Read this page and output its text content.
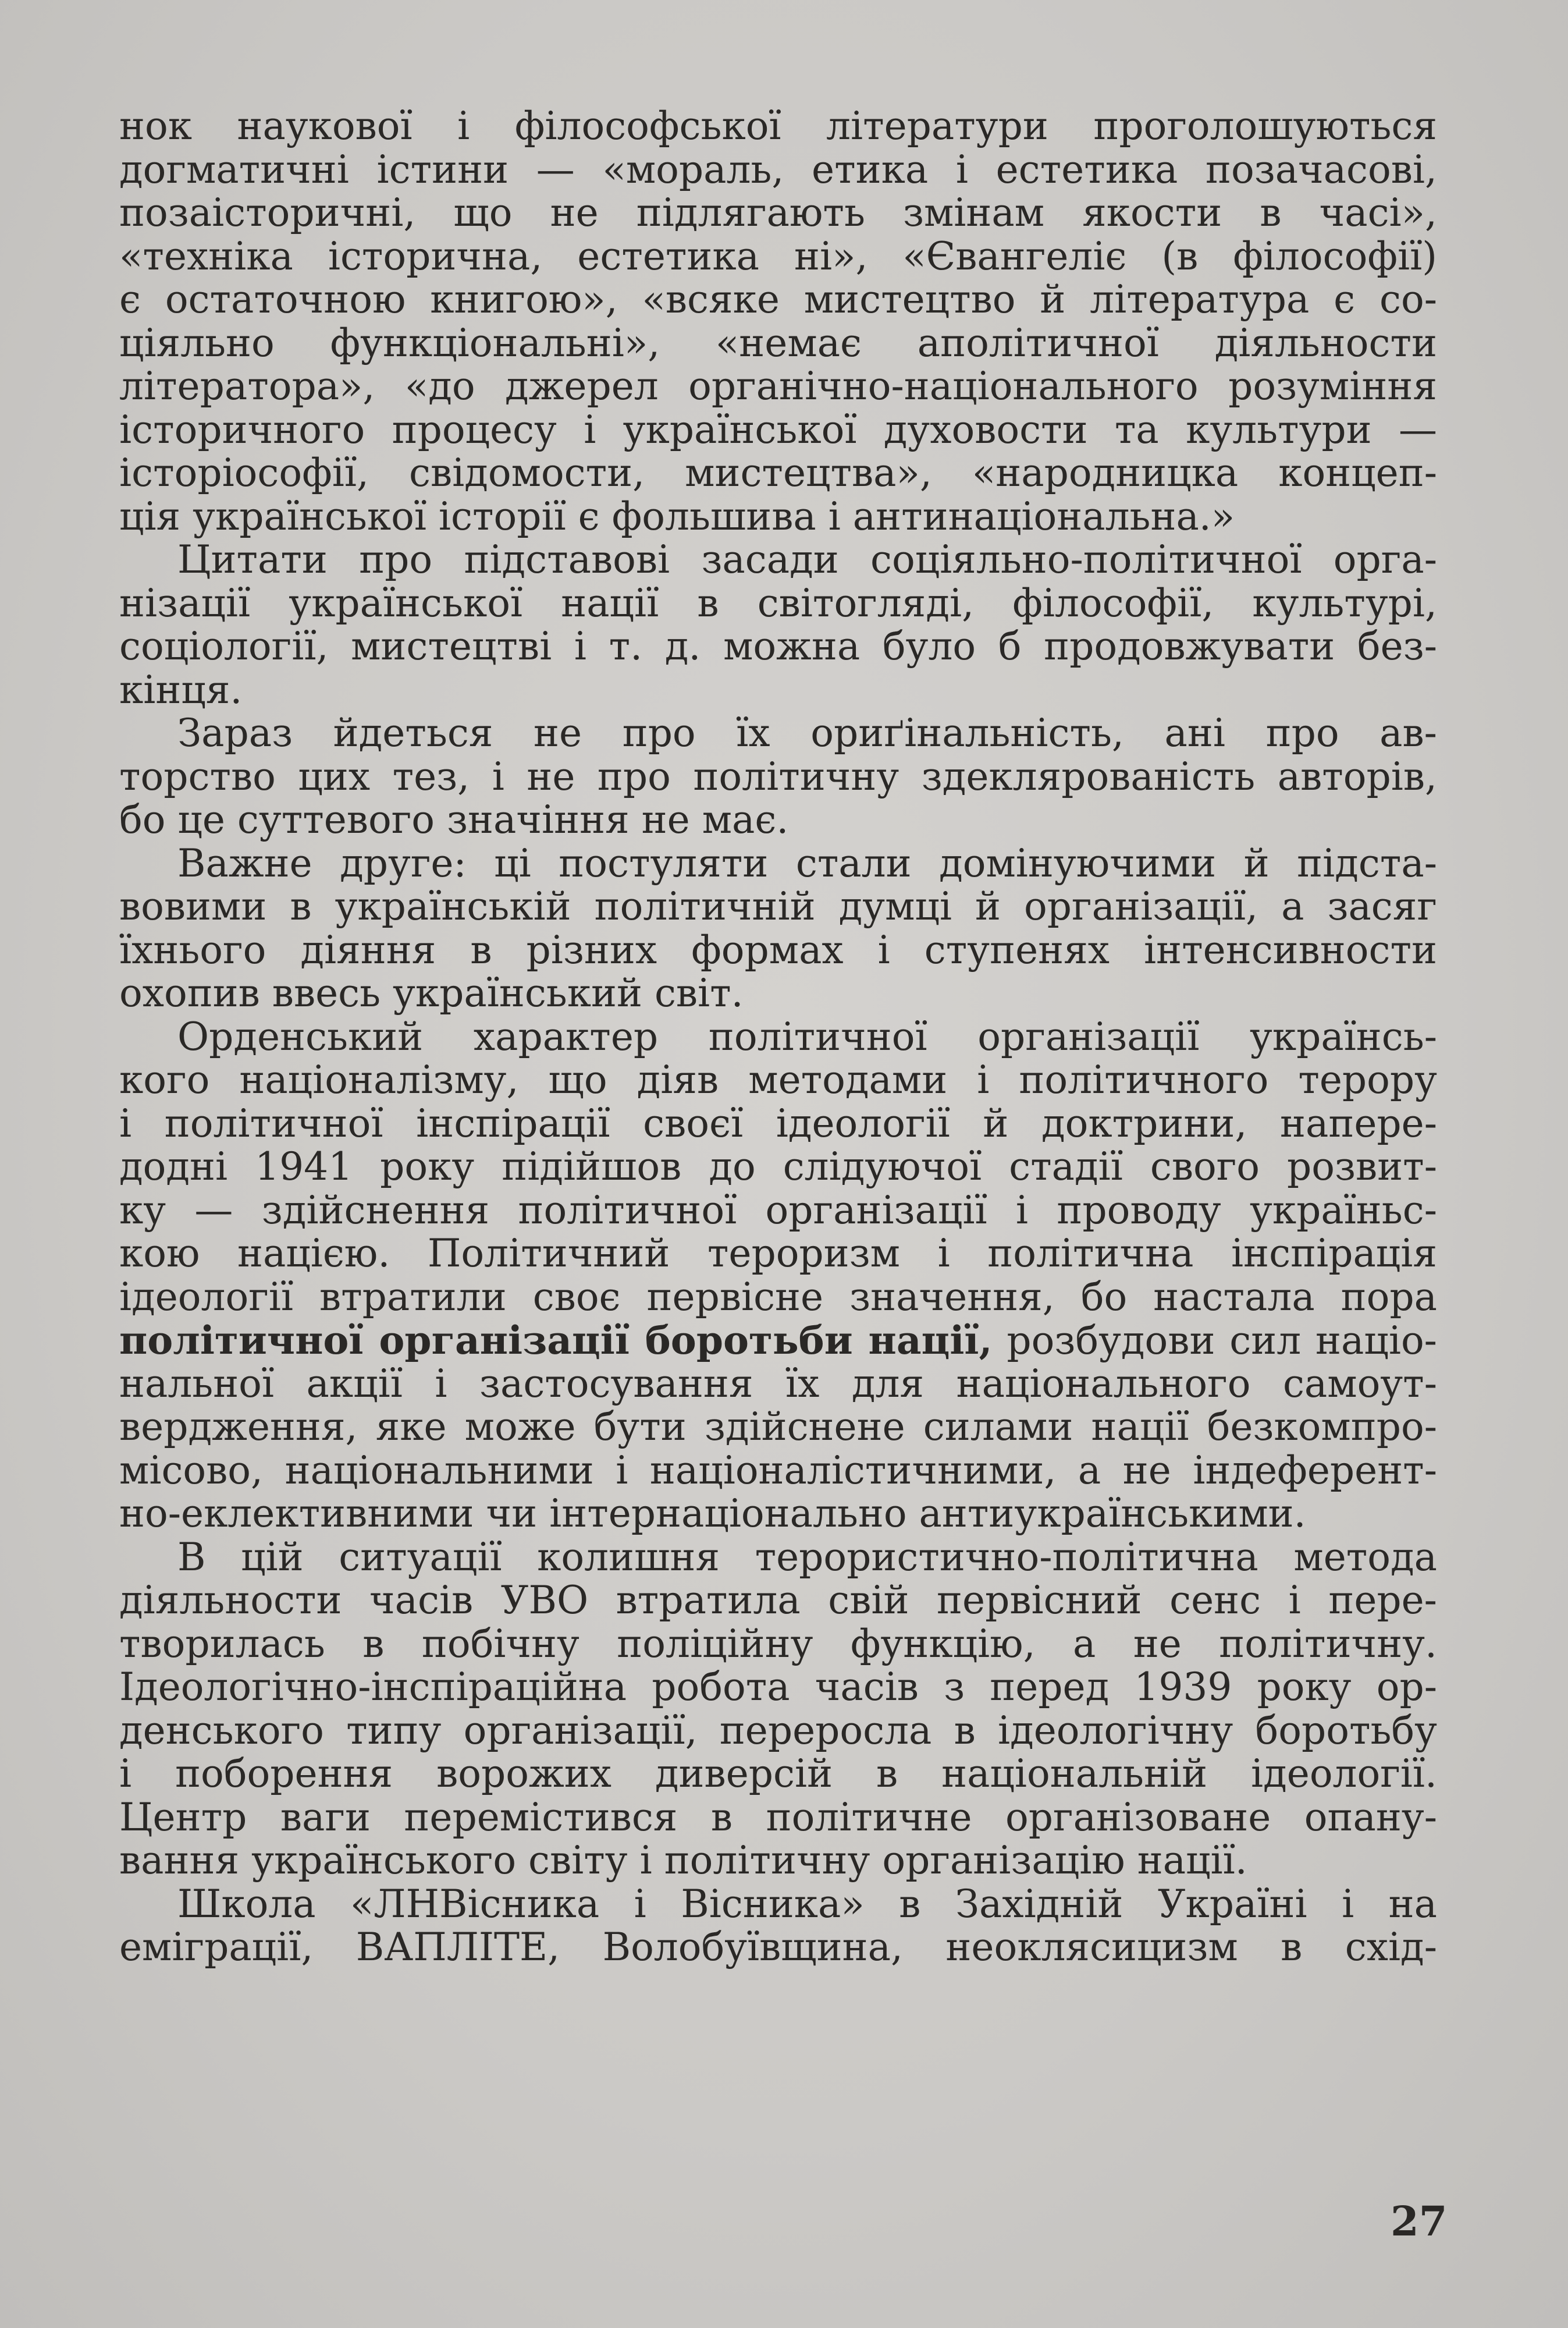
нок наукової і філософської літератури проголошуються
догматичні істини — «мораль, етика і естетика позачасові,
позаісторичні, що не підлягають змінам якости в часі»,
«техніка історична, естетика ні», «Євангеліє (в філософії)
є остаточною книгою», «всяке мистецтво й література є со-
ціяльно функціональні», «немає аполітичної діяльности
літератора», «до джерел органічно-національного розуміння
історичного процесу і української духовости та культури —
історіософії, свідомости, мистецтва», «народницка концеп-
ція української історії є фольшива і антинаціональна.»
Цитати про підставові засади соціяльно-політичної орга-
нізації української нації в світогляді, філософії, культурі,
соціології, мистецтві і т. д. можна було б продовжувати без-
кінця.
Зараз йдеться не про їх ориґінальність, ані про ав-
торство цих тез, і не про політичну здеклярованість авторів,
бо це суттевого значіння не має.
Важне друге: ці постуляти стали домінуючими й підста-
вовими в українській політичній думці й організації, а засяг
їхнього діяння в різних формах і ступенях інтенсивности
охопив ввесь український світ.
Орденський характер політичної організації українсь-
кого націоналізму, що діяв методами і політичного терору
і політичної інспірації своєї ідеології й доктрини, напере-
додні 1941 року підійшов до слідуючої стадії свого розвит-
ку — здійснення політичної організації і проводу україньс-
кою нацією. Політичний тероризм і політична інспірація
ідеології втратили своє первісне значення, бо настала пора
політичної організації боротьби нації, розбудови сил націо-
нальної акції і застосування їх для національного самоут-
вердження, яке може бути здійснене силами нації безкомпро-
місово, національними і націоналістичними, а не індеферент-
но-еклективними чи інтернаціонально антиукраїнськими.
В цій ситуації колишня терористично-політична метода
діяльности часів УВО втратила свій первісний сенс і пере-
творилась в побічну поліційну функцію, а не політичну.
Ідеологічно-інспіраційна робота часів з перед 1939 року ор-
денського типу організації, переросла в ідеологічну боротьбу
і поборення ворожих диверсій в національній ідеології.
Центр ваги перемістився в політичне організоване опану-
вання українського світу і політичну організацію нації.
Школа «ЛНВісника і Вісника» в Західній Україні і на
еміграції, ВАПЛІТЕ, Волобуївщина, неоклясицизм в схід-
27
